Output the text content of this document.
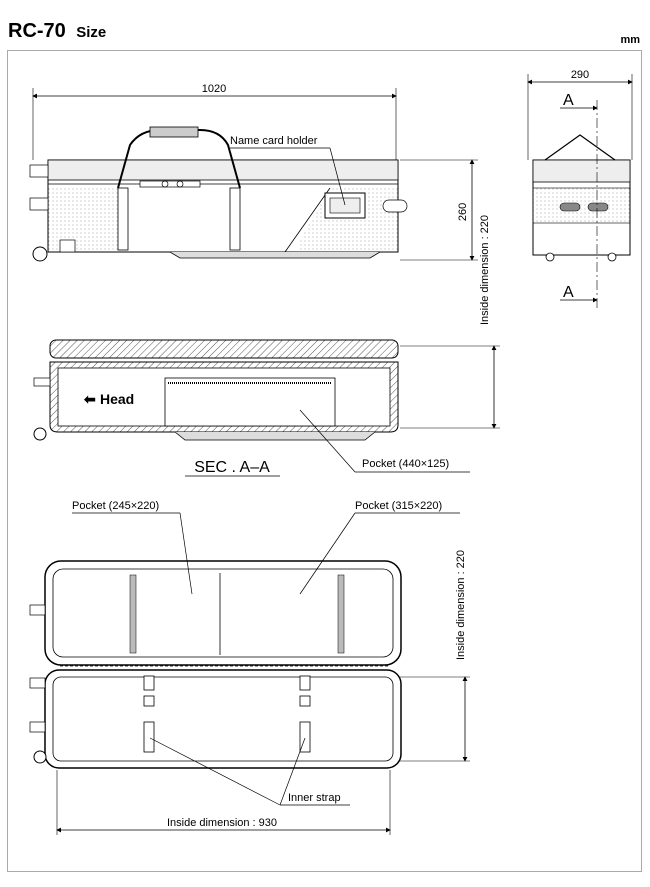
RC-70 Size	mm
1020
Name card holder
260
290
A
A
⬅ Head
Inside dimension : 220
Pocket (440×125)
SEC . A–A
Pocket (245×220)	Pocket (315×220)
Inside dimension : 220
Inner strap
Inside dimension : 930
